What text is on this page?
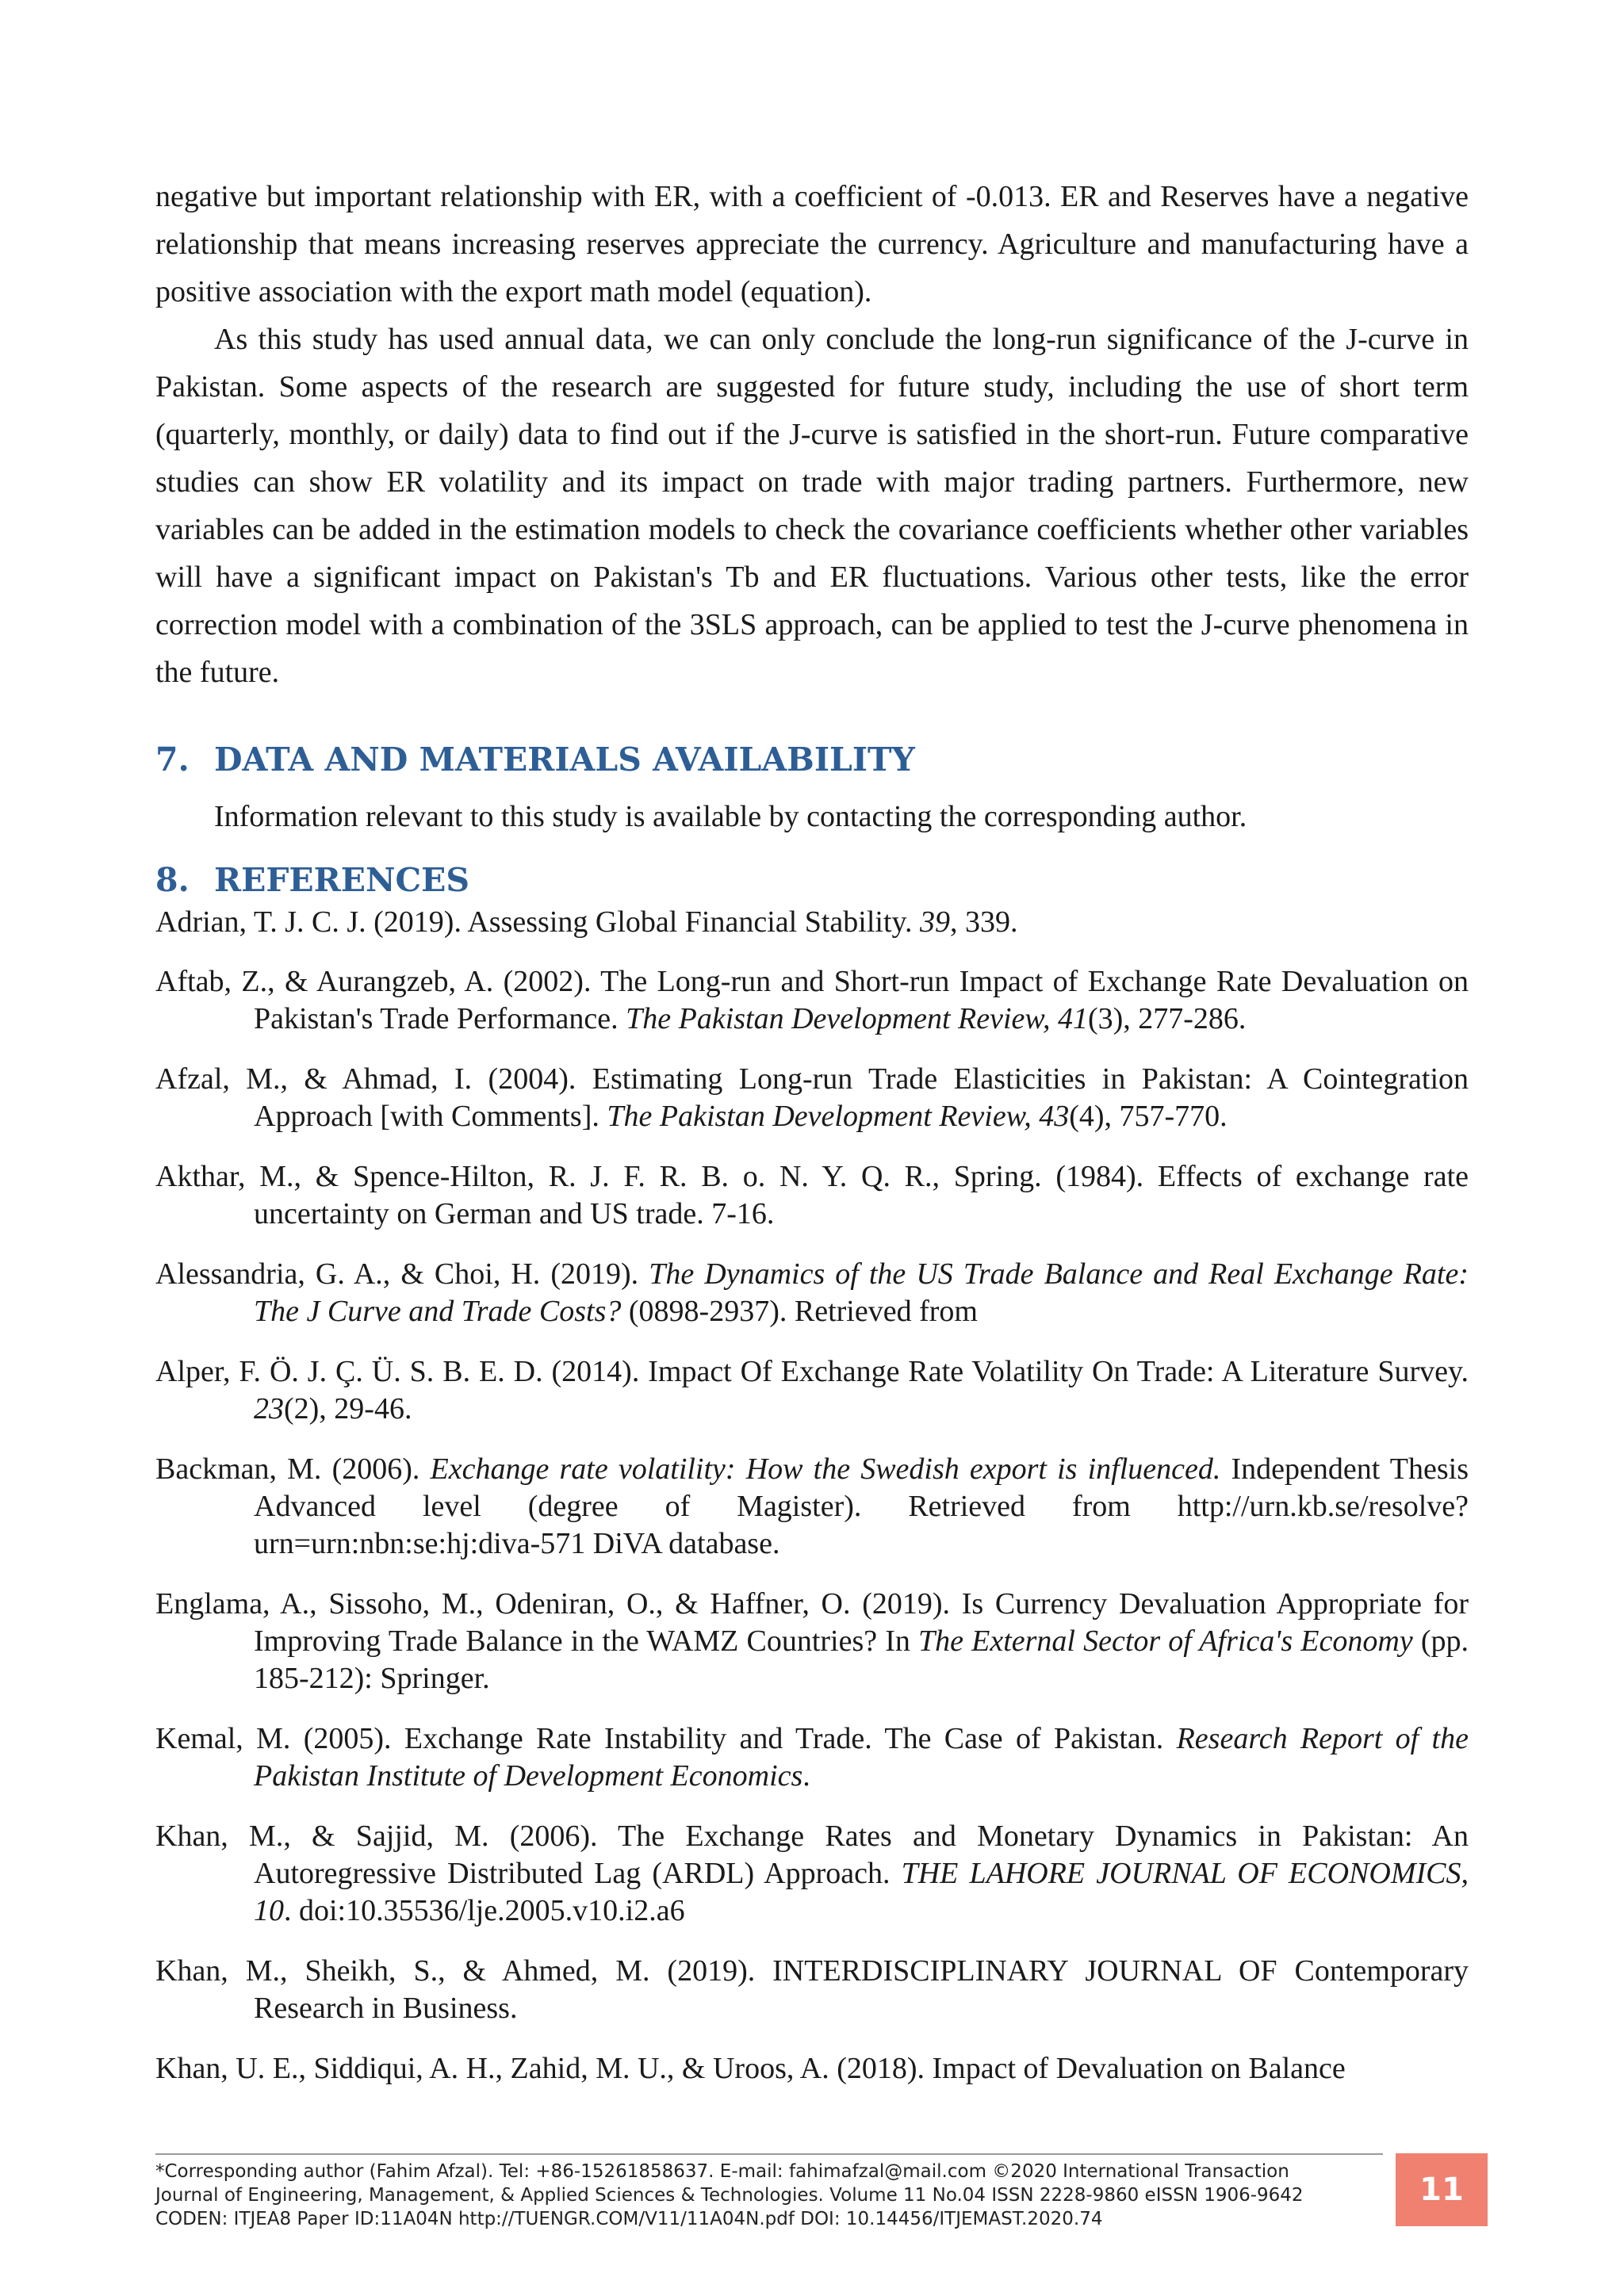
negative but important relationship with ER, with a coefficient of -0.013. ER and Reserves have a negative relationship that means increasing reserves appreciate the currency. Agriculture and manufacturing have a positive association with the export math model (equation).

As this study has used annual data, we can only conclude the long-run significance of the J-curve in Pakistan. Some aspects of the research are suggested for future study, including the use of short term (quarterly, monthly, or daily) data to find out if the J-curve is satisfied in the short-run. Future comparative studies can show ER volatility and its impact on trade with major trading partners. Furthermore, new variables can be added in the estimation models to check the covariance coefficients whether other variables will have a significant impact on Pakistan's Tb and ER fluctuations. Various other tests, like the error correction model with a combination of the 3SLS approach, can be applied to test the J-curve phenomena in the future.

7. DATA AND MATERIALS AVAILABILITY
Information relevant to this study is available by contacting the corresponding author.
8. REFERENCES

Adrian, T. J. C. J. (2019). Assessing Global Financial Stability. 39, 339.

Aftab, Z., & Aurangzeb, A. (2002). The Long-run and Short-run Impact of Exchange Rate Devaluation on Pakistan's Trade Performance. The Pakistan Development Review, 41(3), 277-286.

Afzal, M., & Ahmad, I. (2004). Estimating Long-run Trade Elasticities in Pakistan: A Cointegration Approach [with Comments]. The Pakistan Development Review, 43(4), 757-770.

Akthar, M., & Spence-Hilton, R. J. F. R. B. o. N. Y. Q. R., Spring. (1984). Effects of exchange rate uncertainty on German and US trade. 7-16.

Alessandria, G. A., & Choi, H. (2019). The Dynamics of the US Trade Balance and Real Exchange Rate: The J Curve and Trade Costs? (0898-2937). Retrieved from

Alper, F. Ö. J. Ç. Ü. S. B. E. D. (2014). Impact Of Exchange Rate Volatility On Trade: A Literature Survey. 23(2), 29-46.

Backman, M. (2006). Exchange rate volatility: How the Swedish export is influenced. Independent Thesis Advanced level (degree of Magister). Retrieved from http://urn.kb.se/resolve?urn=urn:nbn:se:hj:diva-571 DiVA database.

Englama, A., Sissoho, M., Odeniran, O., & Haffner, O. (2019). Is Currency Devaluation Appropriate for Improving Trade Balance in the WAMZ Countries? In The External Sector of Africa's Economy (pp. 185-212): Springer.

Kemal, M. (2005). Exchange Rate Instability and Trade. The Case of Pakistan. Research Report of the Pakistan Institute of Development Economics.

Khan, M., & Sajjid, M. (2006). The Exchange Rates and Monetary Dynamics in Pakistan: An Autoregressive Distributed Lag (ARDL) Approach. THE LAHORE JOURNAL OF ECONOMICS, 10. doi:10.35536/lje.2005.v10.i2.a6

Khan, M., Sheikh, S., & Ahmed, M. (2019). INTERDISCIPLINARY JOURNAL OF Contemporary Research in Business.

Khan, U. E., Siddiqui, A. H., Zahid, M. U., & Uroos, A. (2018). Impact of Devaluation on Balance

*Corresponding author (Fahim Afzal). Tel: +86-15261858637. E-mail: fahimafzal@mail.com ©2020 International Transaction
Journal of Engineering, Management, & Applied Sciences & Technologies. Volume 11 No.04 ISSN 2228-9860 eISSN 1906-9642
CODEN: ITJEA8 Paper ID:11A04N http://TUENGR.COM/V11/11A04N.pdf DOI: 10.14456/ITJEMAST.2020.74
11
